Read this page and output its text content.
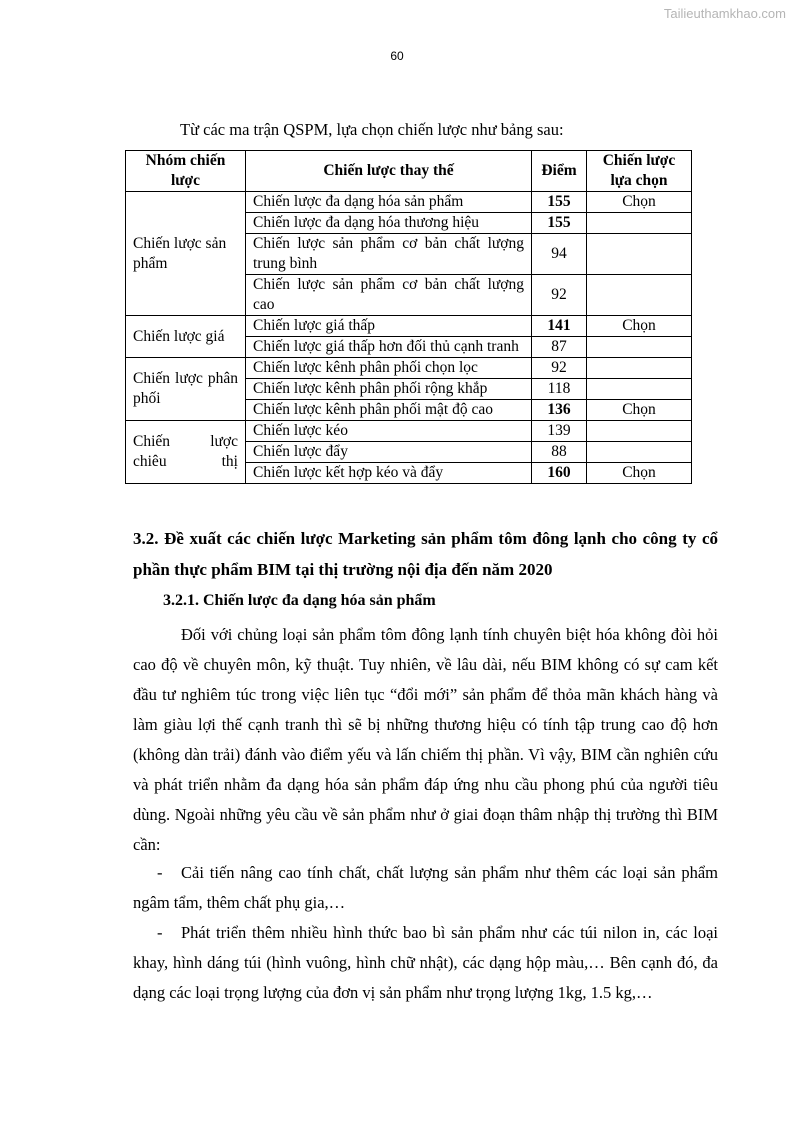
Tailieuthamkhao.com
60
Từ các ma trận QSPM, lựa chọn chiến lược như bảng sau:
Nhóm chiến lược	Chiến lược thay thế	Điểm	Chiến lược lựa chọn
Chiến lược sản phẩm	Chiến lược đa dạng hóa sản phẩm	155	Chọn
	Chiến lược đa dạng hóa thương hiệu	155	
	Chiến lược sản phẩm cơ bản chất lượng trung bình	94	
	Chiến lược sản phẩm cơ bản chất lượng cao	92	
Chiến lược giá	Chiến lược giá thấp	141	Chọn
	Chiến lược giá thấp hơn đối thủ cạnh tranh	87	
Chiến lược phân phối	Chiến lược kênh phân phối chọn lọc	92	
	Chiến lược kênh phân phối rộng khắp	118	
	Chiến lược kênh phân phối mật độ cao	136	Chọn
Chiến lược chiêu thị	Chiến lược kéo	139	
	Chiến lược đẩy	88	
	Chiến lược kết hợp kéo và đẩy	160	Chọn
3.2. Đề xuất các chiến lược Marketing sản phẩm tôm đông lạnh cho công ty cổ phần thực phẩm BIM tại thị trường nội địa đến năm 2020
3.2.1. Chiến lược đa dạng hóa sản phẩm
Đối với chủng loại sản phẩm tôm đông lạnh tính chuyên biệt hóa không đòi hỏi cao độ về chuyên môn, kỹ thuật. Tuy nhiên, về lâu dài, nếu BIM không có sự cam kết đầu tư nghiêm túc trong việc liên tục “đổi mới” sản phẩm để thỏa mãn khách hàng và làm giàu lợi thế cạnh tranh thì sẽ bị những thương hiệu có tính tập trung cao độ hơn (không dàn trải) đánh vào điểm yếu và lấn chiếm thị phần. Vì vậy, BIM cần nghiên cứu và phát triển nhằm đa dạng hóa sản phẩm đáp ứng nhu cầu phong phú của người tiêu dùng. Ngoài những yêu cầu về sản phẩm như ở giai đoạn thâm nhập thị trường thì BIM cần:
-	Cải tiến nâng cao tính chất, chất lượng sản phẩm như thêm các loại sản phẩm ngâm tẩm, thêm chất phụ gia,…
-	Phát triển thêm nhiều hình thức bao bì sản phẩm như các túi nilon in, các loại khay, hình dáng túi (hình vuông, hình chữ nhật), các dạng hộp màu,… Bên cạnh đó, đa dạng các loại trọng lượng của đơn vị sản phẩm như trọng lượng 1kg, 1.5 kg,…
